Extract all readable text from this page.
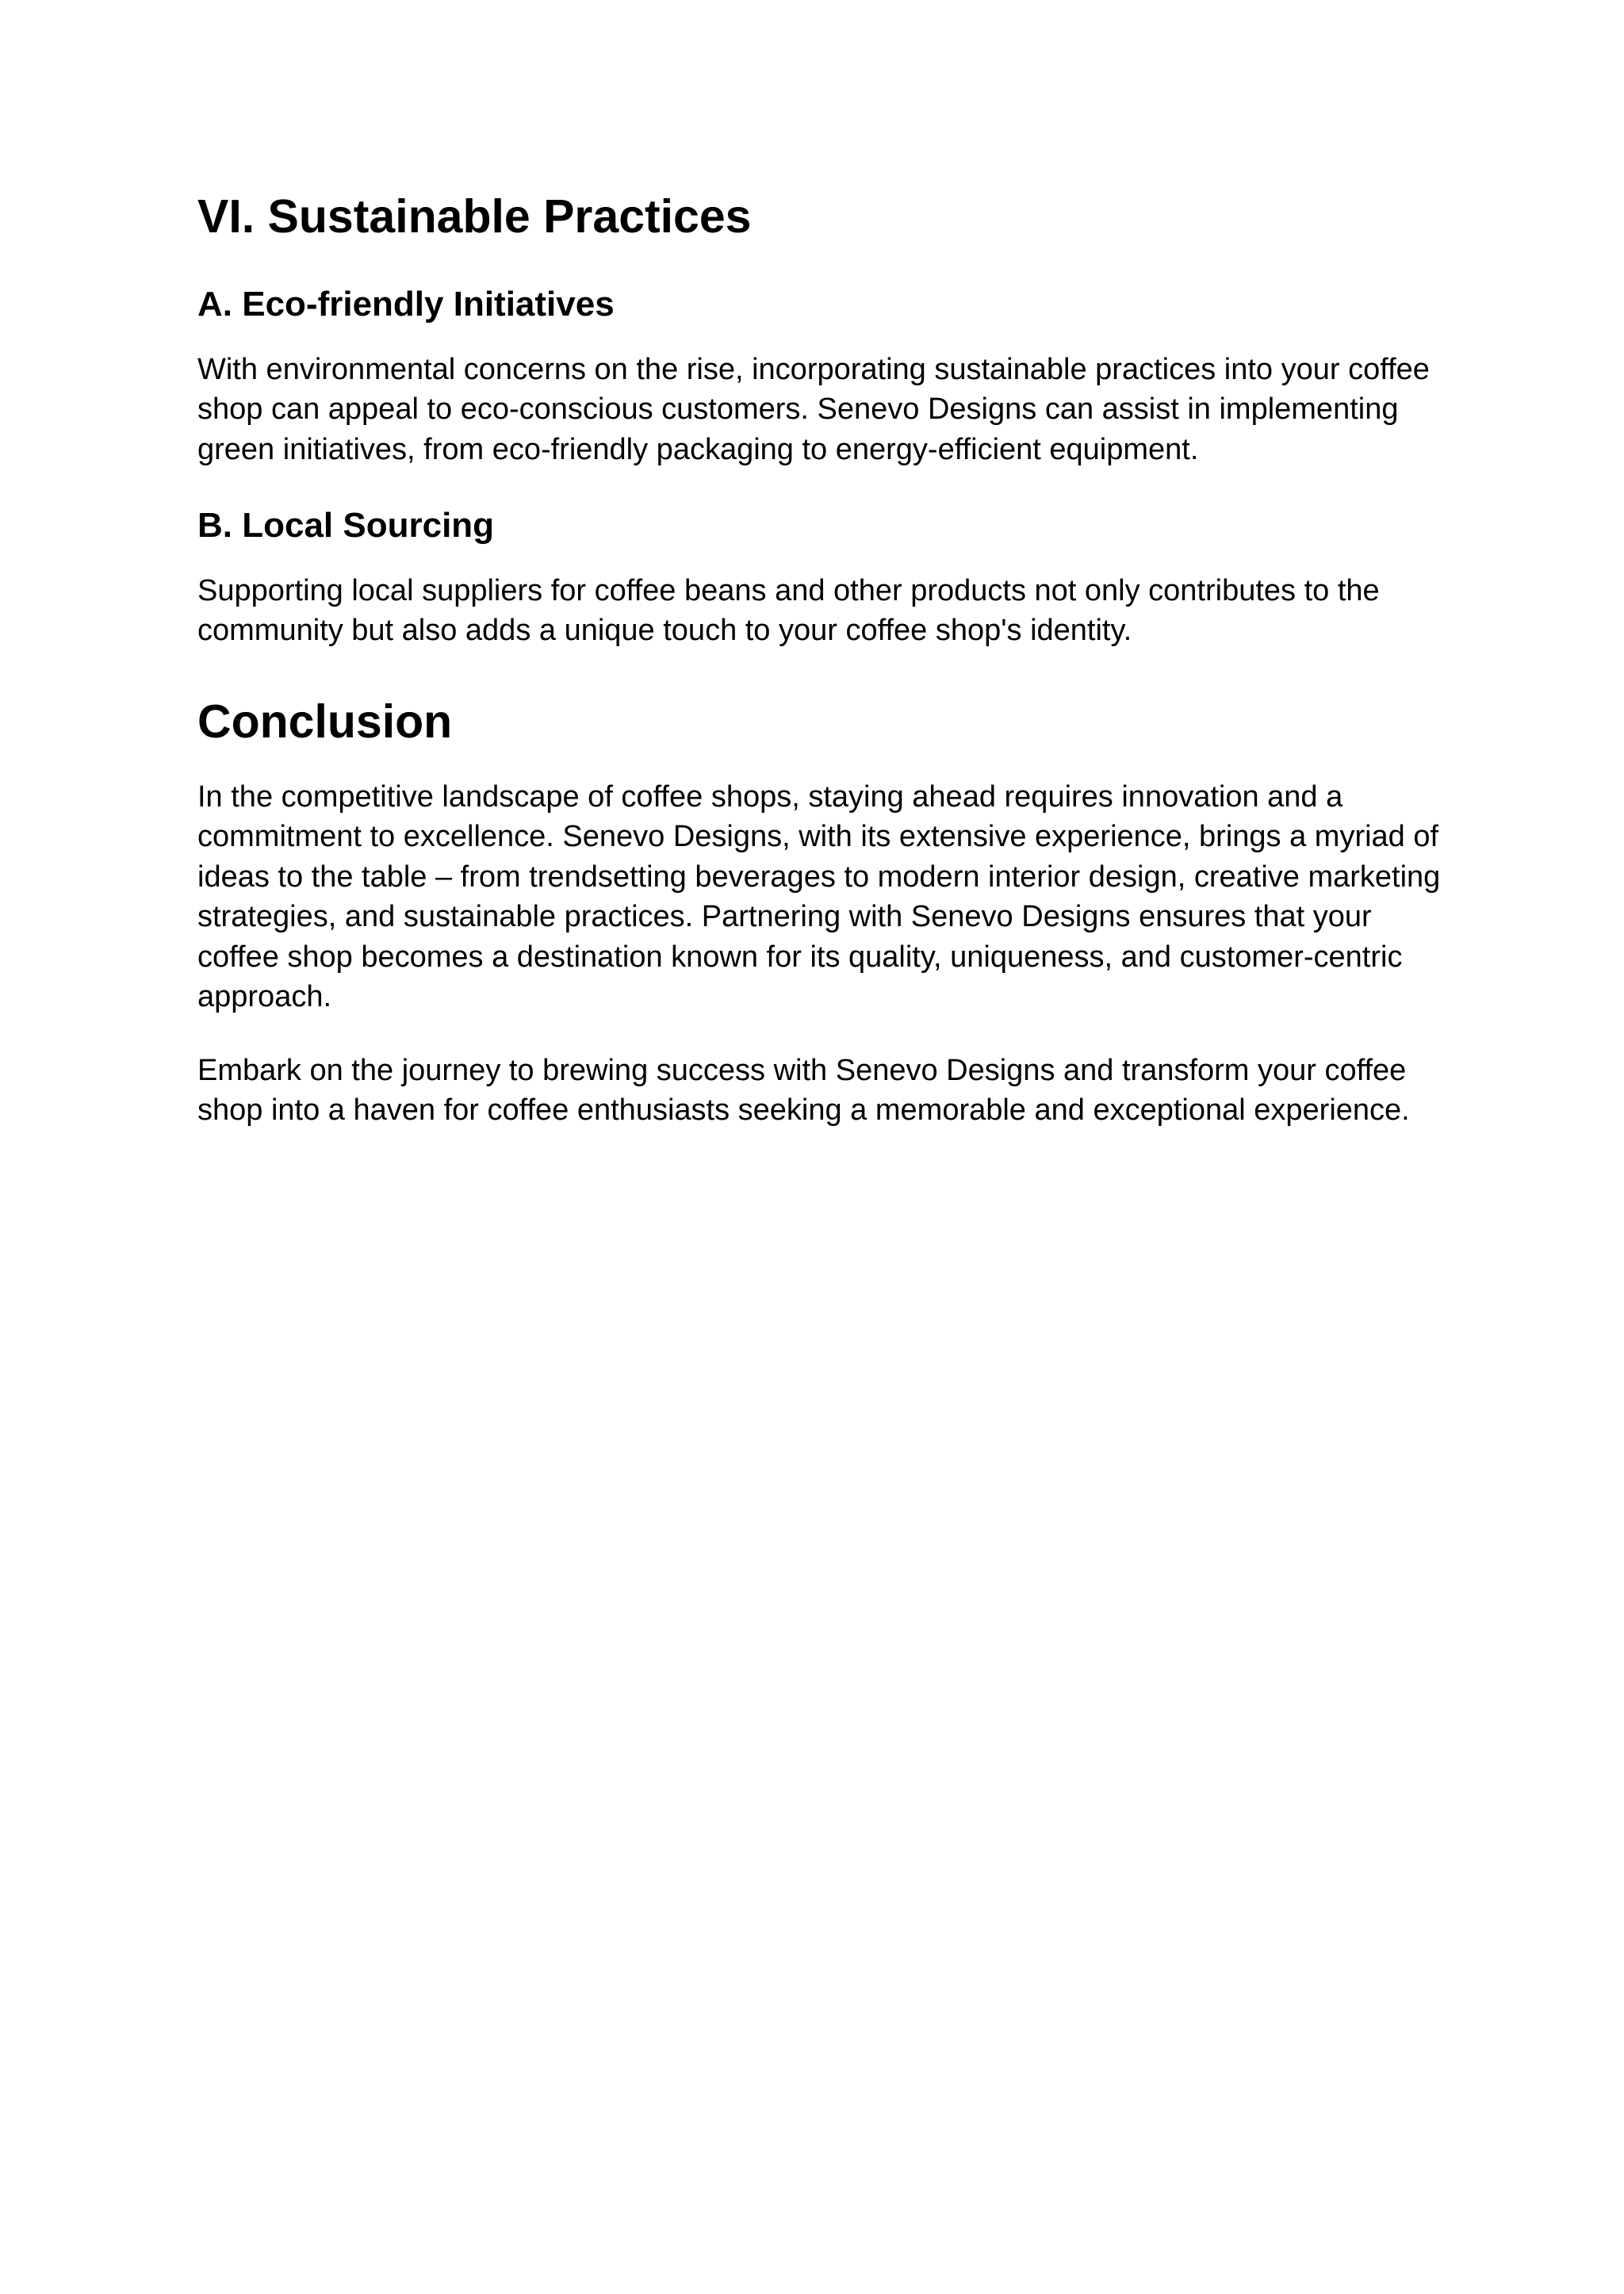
VI. Sustainable Practices
A. Eco-friendly Initiatives

With environmental concerns on the rise, incorporating sustainable practices into your coffee shop can appeal to eco-conscious customers. Senevo Designs can assist in implementing green initiatives, from eco-friendly packaging to energy-efficient equipment.

B. Local Sourcing

Supporting local suppliers for coffee beans and other products not only contributes to the community but also adds a unique touch to your coffee shop's identity.

Conclusion

In the competitive landscape of coffee shops, staying ahead requires innovation and a commitment to excellence. Senevo Designs, with its extensive experience, brings a myriad of ideas to the table – from trendsetting beverages to modern interior design, creative marketing strategies, and sustainable practices. Partnering with Senevo Designs ensures that your coffee shop becomes a destination known for its quality, uniqueness, and customer-centric approach.

Embark on the journey to brewing success with Senevo Designs and transform your coffee shop into a haven for coffee enthusiasts seeking a memorable and exceptional experience.
